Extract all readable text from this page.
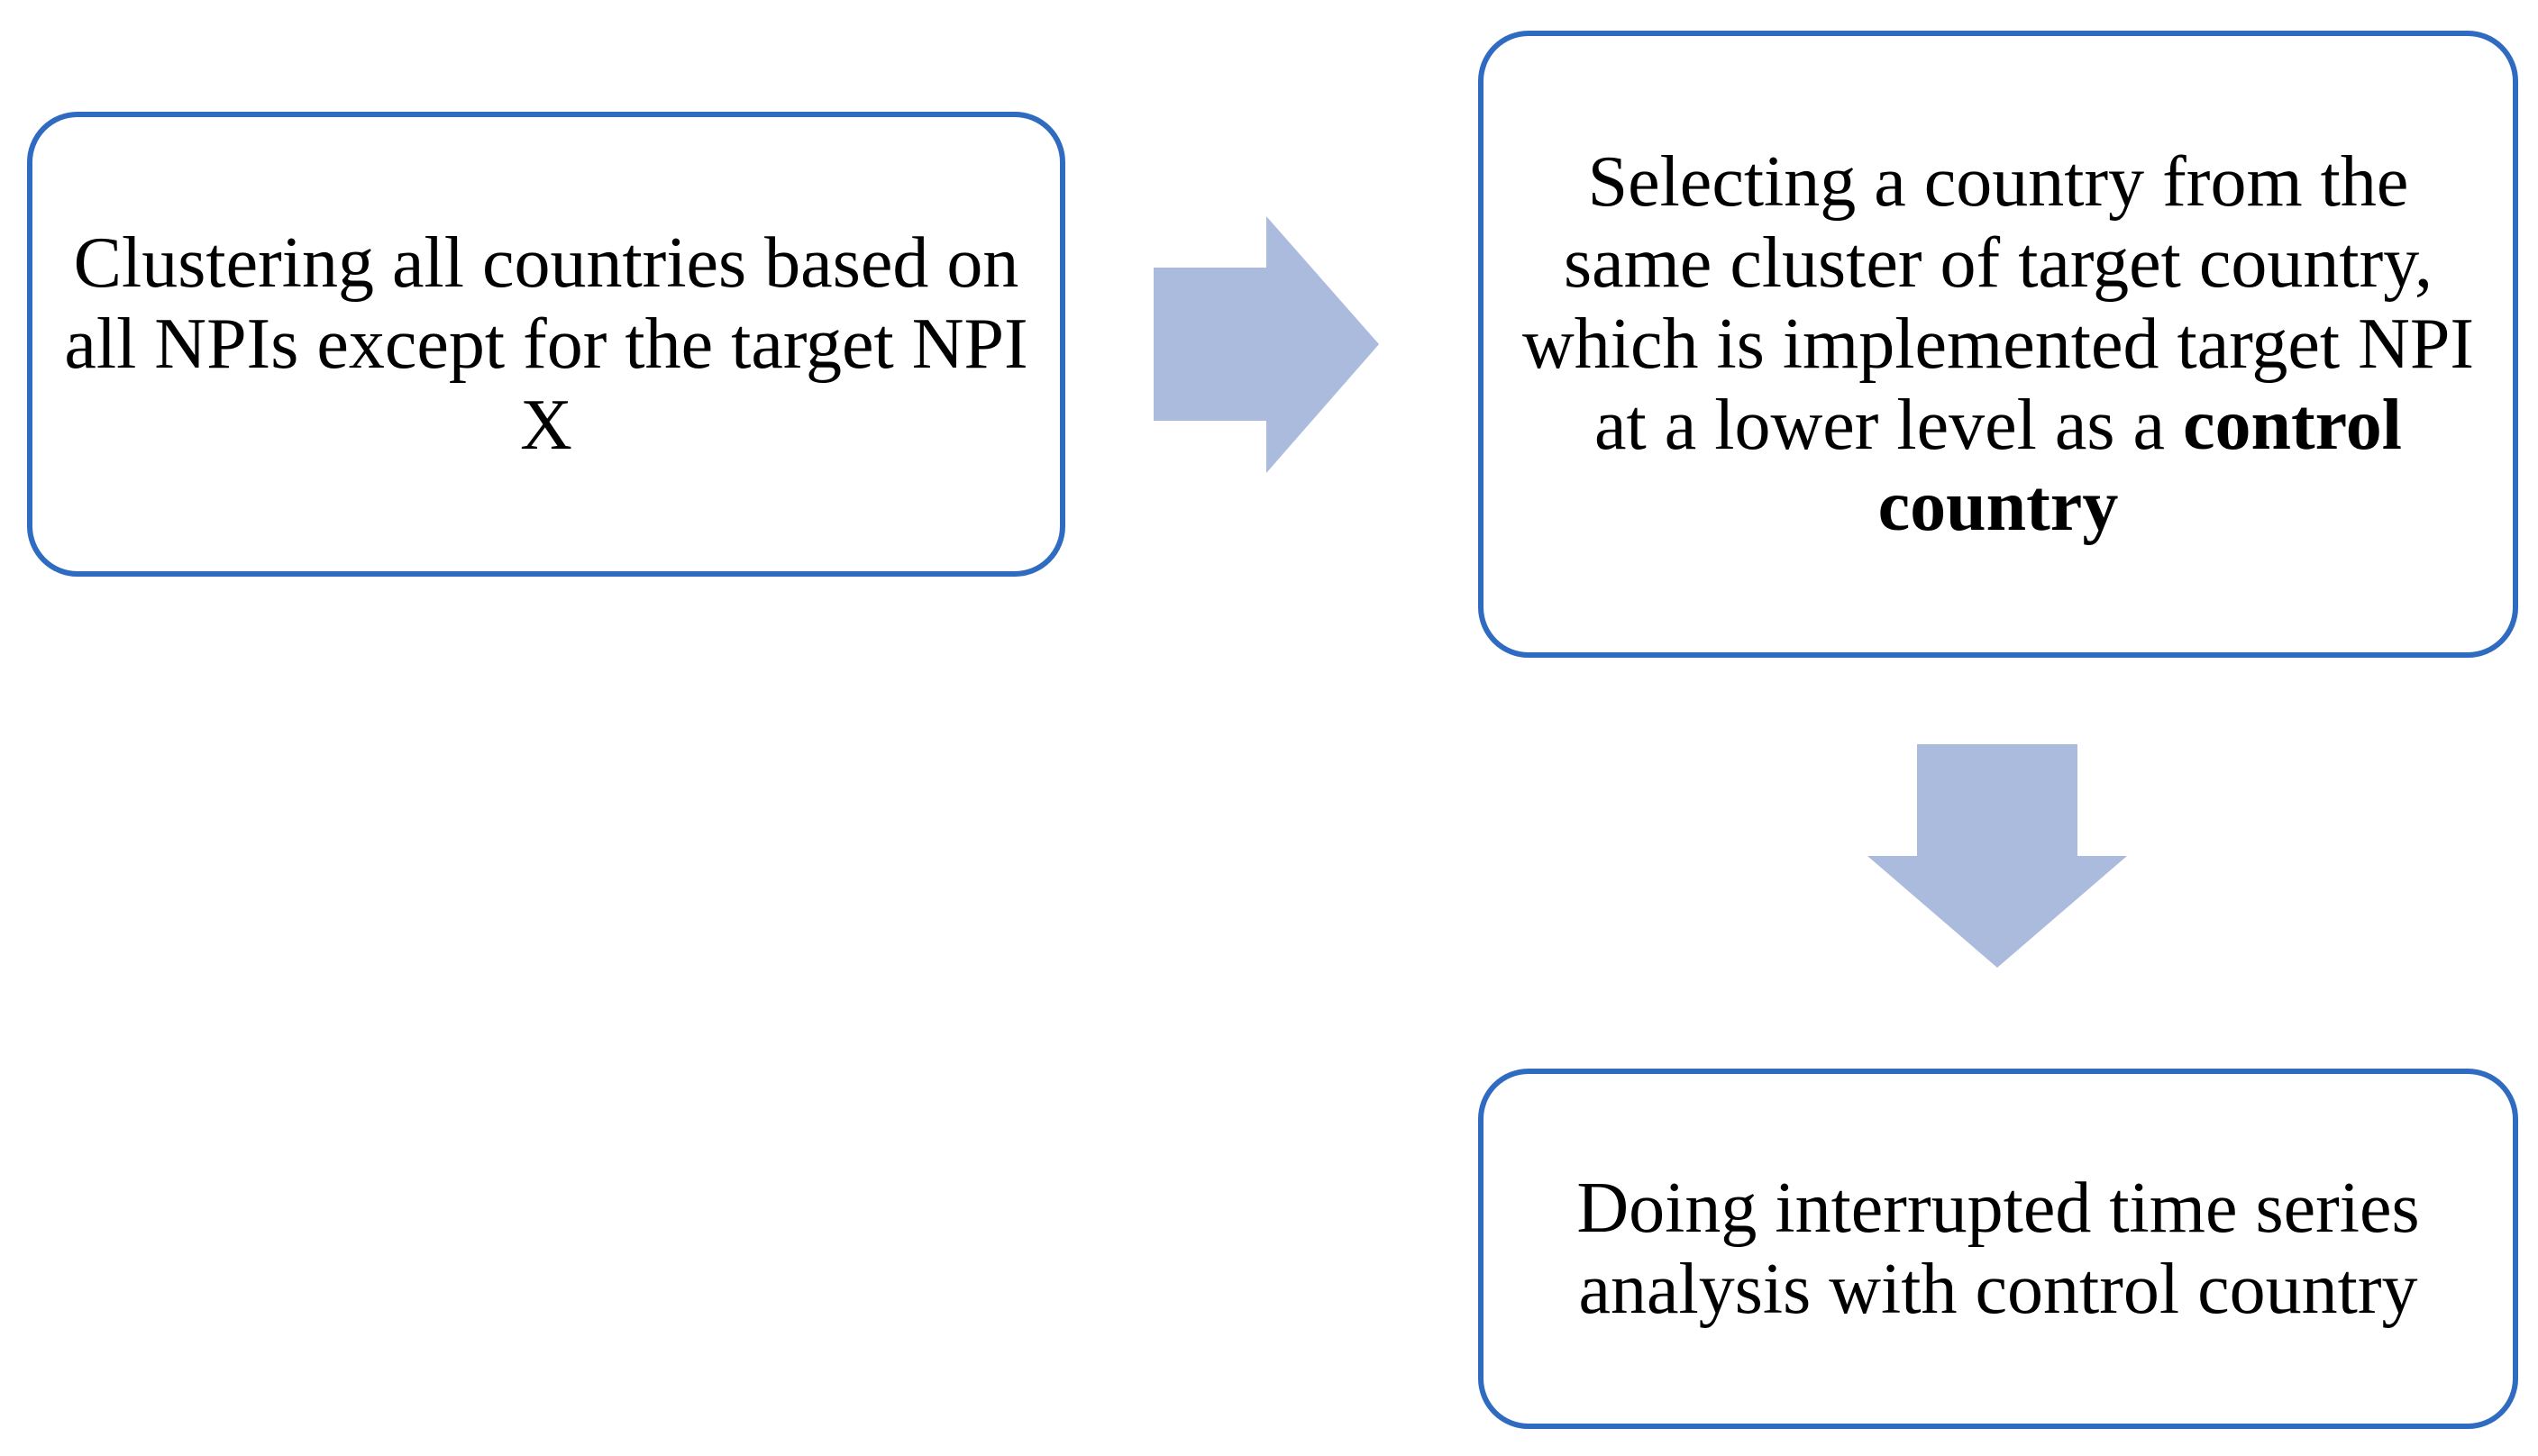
Clustering all countries based on all NPIs except for the target NPI X
Selecting a country from the same cluster of target country, which is implemented target NPI at a lower level as a control country
Doing interrupted time series analysis with control country
